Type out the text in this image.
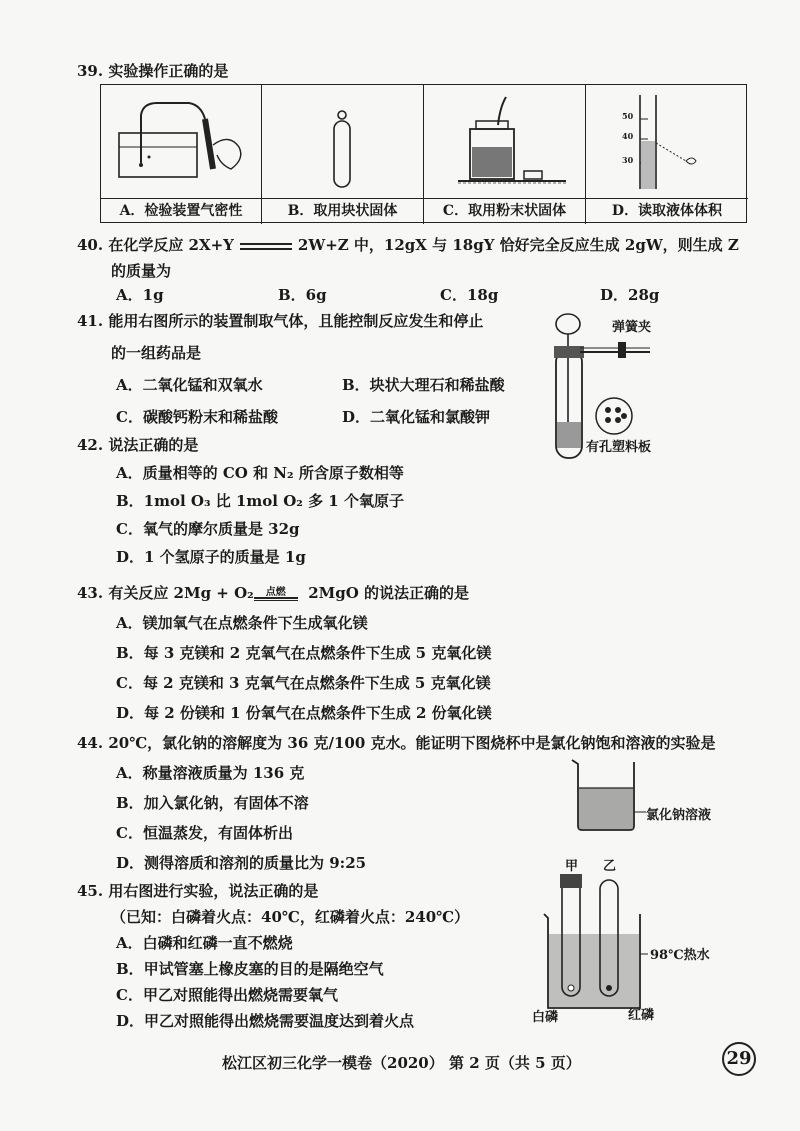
39. 实验操作正确的是
50
40
30
A．检验装置气密性	B．取用块状固体	C．取用粉末状固体	D．读取液体体积
40. 在化学反应 2X+Y	2W+Z 中，12gX 与 18gY 恰好完全反应生成 2gW，则生成 Z
的质量为
A．1g	B．6g	C．18g	D．28g
41. 能用右图所示的装置制取气体，且能控制反应发生和停止
的一组药品是
A．二氧化锰和双氧水	B．块状大理石和稀盐酸
C．碳酸钙粉末和稀盐酸	D．二氧化锰和氯酸钾
弹簧夹
有孔塑料板
42. 说法正确的是
A．质量相等的 CO 和 N₂ 所含原子数相等
B．1mol O₃ 比 1mol O₂ 多 1 个氧原子
C．氧气的摩尔质量是 32g
D．1 个氢原子的质量是 1g
43. 有关反应 2Mg + O₂ 点燃 2MgO 的说法正确的是
A．镁加氧气在点燃条件下生成氧化镁
B．每 3 克镁和 2 克氧气在点燃条件下生成 5 克氧化镁
C．每 2 克镁和 3 克氧气在点燃条件下生成 5 克氧化镁
D．每 2 份镁和 1 份氧气在点燃条件下生成 2 份氧化镁
44. 20℃，氯化钠的溶解度为 36 克/100 克水。能证明下图烧杯中是氯化钠饱和溶液的实验是
A．称量溶液质量为 136 克
B．加入氯化钠，有固体不溶
C．恒温蒸发，有固体析出
D．测得溶质和溶剂的质量比为 9:25
氯化钠溶液
45. 用右图进行实验，说法正确的是
（已知：白磷着火点：40℃，红磷着火点：240℃）
A．白磷和红磷一直不燃烧
B．甲试管塞上橡皮塞的目的是隔绝空气
C．甲乙对照能得出燃烧需要氧气
D．甲乙对照能得出燃烧需要温度达到着火点
甲 乙
98℃热水
白磷	红磷
松江区初三化学一模卷（2020） 第 2 页（共 5 页）	29
